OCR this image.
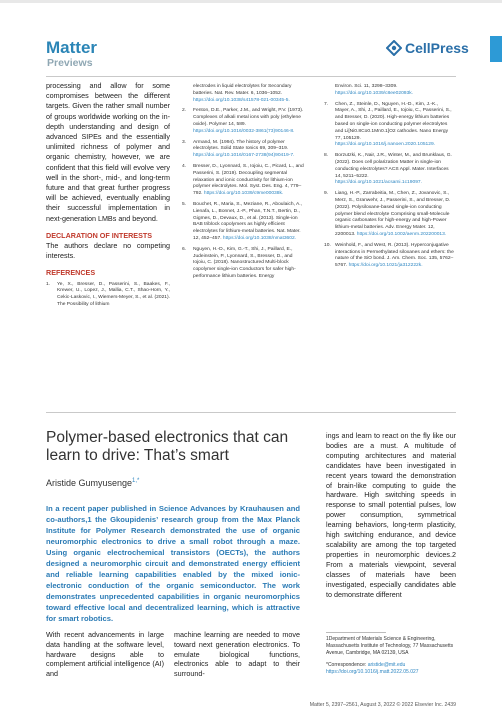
Matter
Previews
CellPress

processing and allow for some compromises between the different targets. Given the rather small number of groups worldwide working on the in-depth understanding and design of advanced SIPEs and the essentially unlimited richness of polymer and organic chemistry, however, we are confident that this field will evolve very well in the short-, mid-, and long-term future and that great further progress will be achieved, eventually enabling their successful implementation in next-generation LMBs and beyond.

DECLARATION OF INTERESTS

The authors declare no competing interests.

REFERENCES
1.	Ye, X., Bresser, D., Passerini, S., Baakes, F., Krewer, U., Lopez, J., Mallia, C.T., Shao-Horn, Y., Cekic-Laskovic, I., Wiemers-Meyer, S., et al. (2021). The Possibility of lithium
electrodes in liquid electrolytes for Secondary batteries. Nat. Rev. Mater. 6, 1036–1052. https://doi.org/10.1038/s41578-021-00345-5.
2.	Fenton, D.E., Parker, J.M., and Wright, P.V. (1973). Complexes of alkali metal ions with poly (ethylene oxide). Polymer 14, 589. https://doi.org/10.1016/0032-3861(73)90146-8.
3.	Armand, M. (1994). The history of polymer electrolytes. Solid State Ionics 69, 309–319. https://doi.org/10.1016/0167-2738(94)90419-7.
4.	Bresser, D., Lyonnard, S., Iojoiu, C., Picard, L., and Passerini, S. (2019). Decoupling segmental relaxation and ionic conductivity for lithium-ion polymer electrolytes. Mol. Syst. Des. Eng. 4, 779–792. https://doi.org/10.1039/c9me00038k.
5.	Bouchet, R., Maria, S., Meziane, R., Aboulaich, A., Lienafa, L., Bonnet, J.-P., Phan, T.N.T., Bertin, D., Gigmes, D., Devaux, D., et al. (2013). Single-ion BAB triblock copolymers as highly efficient electrolytes for lithium-metal batteries. Nat. Mater. 12, 452–457. https://doi.org/10.1038/nmat3602.
6.	Nguyen, H.-D., Kim, G.-T., Shi, J., Paillard, E., Judeinstein, P., Lyonnard, S., Bresser, D., and Iojoiu, C. (2018). Nanostructured Multi-block copolymer single-ion Conductors for safer high-performance lithium batteries. Energy
Environ. Sci. 11, 3298–3309. https://doi.org/10.1039/c8ee02093k.
7.	Chen, Z., Steinle, D., Nguyen, H.-D., Kim, J.-K., Mayer, A., Shi, J., Paillard, E., Iojoiu, C., Passerini, S., and Bresser, D. (2020). High-energy lithium batteries based on single-ion conducting polymer electrolytes and Li[Ni0.8Co0.1Mn0.1]O2 cathodes. Nano Energy 77, 105129. https://doi.org/10.1016/j.nanoen.2020.105129.
8.	Borzutzki, K., Nair, J.R., Winter, M., and Brunklaus, G. (2022). Does cell polarization Matter in single-ion conducting electrolytes? ACS Appl. Mater. Interfaces 14, 5211–5222. https://doi.org/10.1021/acsami.1c19097.
9.	Liang, H.-P., Zarrabeitia, M., Chen, Z., Jovanovic, S., Merz, S., Granwehr, J., Passerini, S., and Bresser, D. (2022). Polysiloxane-based single-ion conducting polymer blend electrolyte Comprising small-Molecule organic carbonates for high-energy and high-Power lithium-metal batteries. Adv. Energy Mater. 12, 2200013. https://doi.org/10.1002/aenm.202200013.
10. Weinhold, F., and West, R. (2013). Hyperconjugative interactions in Permethylated siloxanes and ethers: the nature of the SiO bond. J. Am. Chem. Soc. 135, 5762–5767. https://doi.org/10.1021/ja312222k.
Polymer-based electronics that can learn to drive: That’s smart
Aristide Gumyusenge$^{1,*}$
In a recent paper published in Science Advances by Krauhausen and co-authors,1 the Gkoupidenis’ research group from the Max Planck Institute for Polymer Research demonstrated the use of organic neuromorphic electronics to drive a small robot through a maze. Using organic electrochemical transistors (OECTs), the authors designed a neuromorphic circuit and demonstrated energy efficient and reliable learning capabilities enabled by the mixed ionic-electronic conduction of the organic semiconductor. The work demonstrates unprecedented capabilities in organic neuromorphics toward effective local and decentralized learning, which is attractive for smart robotics.
With recent advancements in large data handling at the software level, hardware designs able to complement artificial intelligence (AI) and
machine learning are needed to move toward next generation electronics. To emulate biological functions, electronics able to adapt to their surround-
ings and learn to react on the fly like our bodies are a must. A multitude of computing architectures and material candidates have been investigated in recent years toward the demonstration of brain-like computing to guide the hardware. High switching speeds in response to small potential pulses, low power consumption, symmetrical learning behaviors, long-term plasticity, high switching endurance, and device scalability are among the top targeted properties in neuromorphic devices.2 From a materials viewpoint, several classes of materials have been investigated, especially candidates able to demonstrate different
1Department of Materials Science & Engineering, Massachusetts Institute of Technology, 77 Massachusetts Avenue, Cambridge, MA 02139, USA
*Correspondence: aristide@mit.edu
https://doi.org/10.1016/j.matt.2022.05.027
Matter 5, 2397–2561, August 3, 2022 © 2022 Elsevier Inc. 2439
